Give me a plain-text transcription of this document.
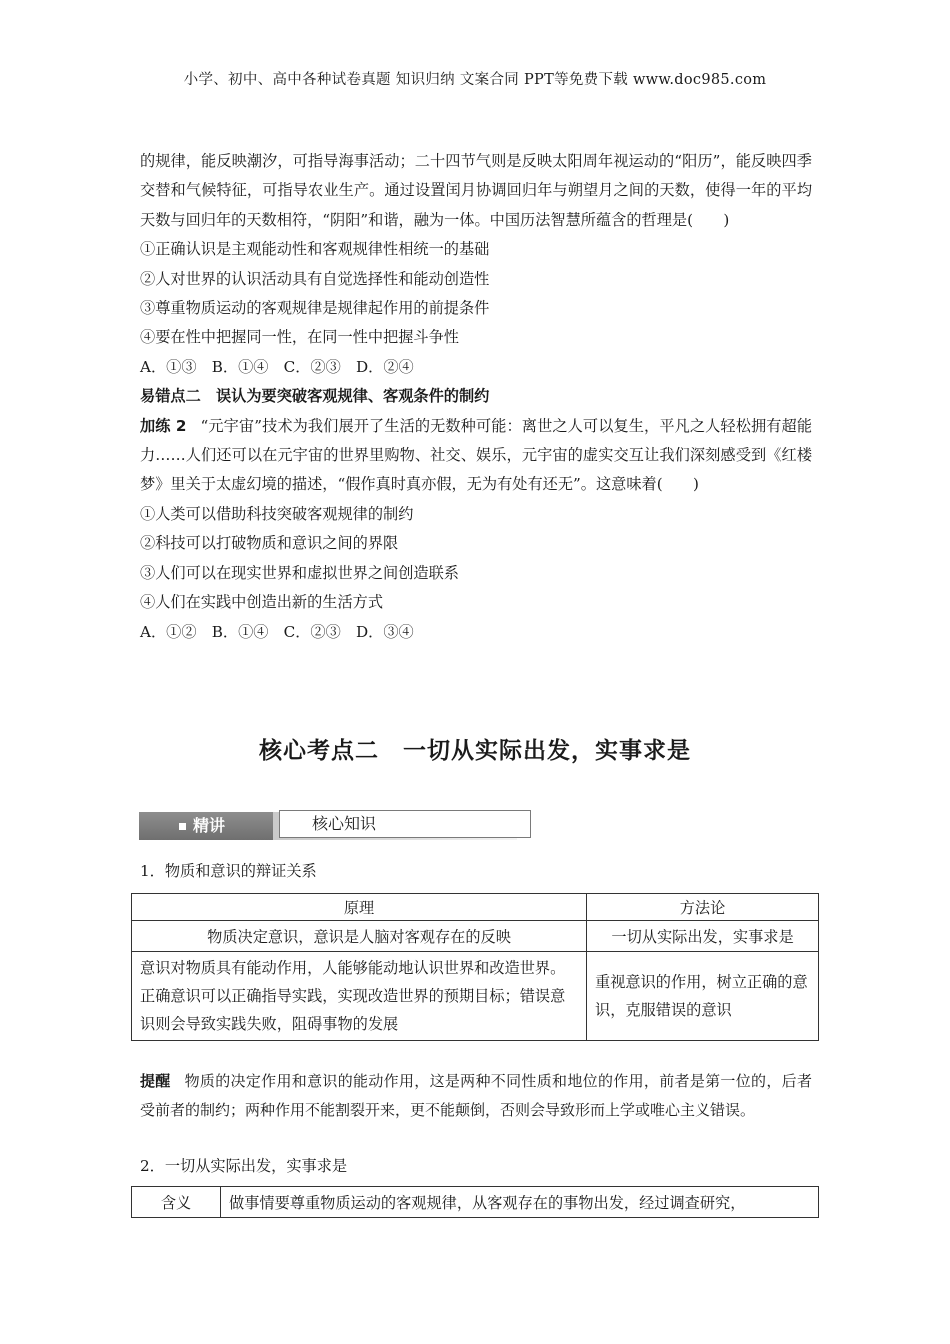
小学、初中、高中各种试卷真题 知识归纳 文案合同 PPT等免费下载 www.doc985.com

的规律，能反映潮汐，可指导海事活动；二十四节气则是反映太阳周年视运动的“阳历”，能反映四季交替和气候特征，可指导农业生产。通过设置闰月协调回归年与朔望月之间的天数，使得一年的平均天数与回归年的天数相符，“阴阳”和谐，融为一体。中国历法智慧所蕴含的哲理是(　　)

①正确认识是主观能动性和客观规律性相统一的基础

②人对世界的认识活动具有自觉选择性和能动创造性

③尊重物质运动的客观规律是规律起作用的前提条件

④要在性中把握同一性，在同一性中把握斗争性

A．①③　B．①④　C．②③　D．②④

易错点二　误认为要突破客观规律、客观条件的制约

加练 2 “元宇宙”技术为我们展开了生活的无数种可能：离世之人可以复生，平凡之人轻松拥有超能力……人们还可以在元宇宙的世界里购物、社交、娱乐，元宇宙的虚实交互让我们深刻感受到《红楼梦》里关于太虚幻境的描述，“假作真时真亦假，无为有处有还无”。这意味着(　　)

①人类可以借助科技突破客观规律的制约

②科技可以打破物质和意识之间的界限

③人们可以在现实世界和虚拟世界之间创造联系

④人们在实践中创造出新的生活方式

A．①②　B．①④　C．②③　D．③④

核心考点二　一切从实际出发，实事求是
精讲	核心知识
1．物质和意识的辩证关系
原理	方法论
物质决定意识，意识是人脑对客观存在的反映	一切从实际出发，实事求是
意识对物质具有能动作用，人能够能动地认识世界和改造世界。正确意识可以正确指导实践，实现改造世界的预期目标；错误意识则会导致实践失败，阻碍事物的发展	重视意识的作用，树立正确的意识，克服错误的意识
提醒 物质的决定作用和意识的能动作用，这是两种不同性质和地位的作用，前者是第一位的，后者受前者的制约；两种作用不能割裂开来，更不能颠倒，否则会导致形而上学或唯心主义错误。
2．一切从实际出发，实事求是
含义	做事情要尊重物质运动的客观规律，从客观存在的事物出发，经过调查研究，
